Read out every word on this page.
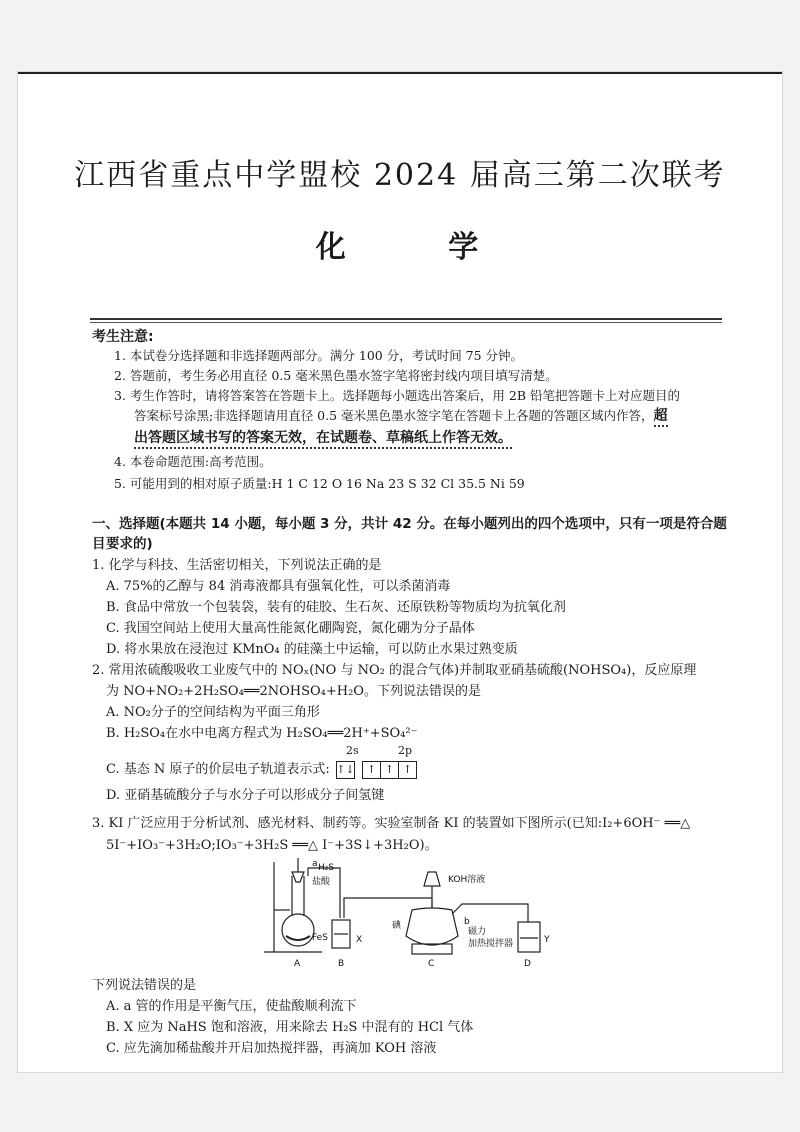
江西省重点中学盟校 2024 届高三第二次联考
化 学
考生注意:
1. 本试卷分选择题和非选择题两部分。满分 100 分，考试时间 75 分钟。
2. 答题前，考生务必用直径 0.5 毫米黑色墨水签字笔将密封线内项目填写清楚。
3. 考生作答时，请将答案答在答题卡上。选择题每小题选出答案后，用 2B 铅笔把答题卡上对应题目的
答案标号涂黑;非选择题请用直径 0.5 毫米黑色墨水签字笔在答题卡上各题的答题区域内作答，超
出答题区域书写的答案无效，在试题卷、草稿纸上作答无效。
4. 本卷命题范围:高考范围。
5. 可能用到的相对原子质量:H 1 C 12 O 16 Na 23 S 32 Cl 35.5 Ni 59
一、选择题(本题共 14 小题，每小题 3 分，共计 42 分。在每小题列出的四个选项中，只有一项是符合题目 要求的)
1. 化学与科技、生活密切相关，下列说法正确的是
A. 75%的乙醇与 84 消毒液都具有强氧化性，可以杀菌消毒
B. 食品中常放一个包装袋，装有的硅胶、生石灰、还原铁粉等物质均为抗氧化剂
C. 我国空间站上使用大量高性能氮化硼陶瓷，氮化硼为分子晶体
D. 将水果放在浸泡过 KMnO₄ 的硅藻土中运输，可以防止水果过熟变质
2. 常用浓硫酸吸收工业废气中的 NOₓ(NO 与 NO₂ 的混合气体)并制取亚硝基硫酸(NOHSO₄)，反应原理
为 NO+NO₂+2H₂SO₄══2NOHSO₄+H₂O。下列说法错误的是
A. NO₂分子的空间结构为平面三角形
B. H₂SO₄在水中电离方程式为 H₂SO₄══2H⁺+SO₄²⁻
2s	2p
C. 基态 N 原子的价层电子轨道表示式: ↑↓	↑ ↑ ↑
D. 亚硝基硫酸分子与水分子可以形成分子间氢键
3. KI 广泛应用于分析试剂、感光材料、制药等。实验室制备 KI 的装置如下图所示(已知:I₂+6OH⁻ ══△
5I⁻+IO₃⁻+3H₂O;IO₃⁻+3H₂S ══△ I⁻+3S↓+3H₂O)。
a H₂S
盐酸
FeS	X
KOH溶液
b
碘
磁力
加热搅拌器	Y
A	B	C	D
下列说法错误的是
A. a 管的作用是平衡气压，使盐酸顺利流下
B. X 应为 NaHS 饱和溶液，用来除去 H₂S 中混有的 HCl 气体
C. 应先滴加稀盐酸并开启加热搅拌器，再滴加 KOH 溶液
